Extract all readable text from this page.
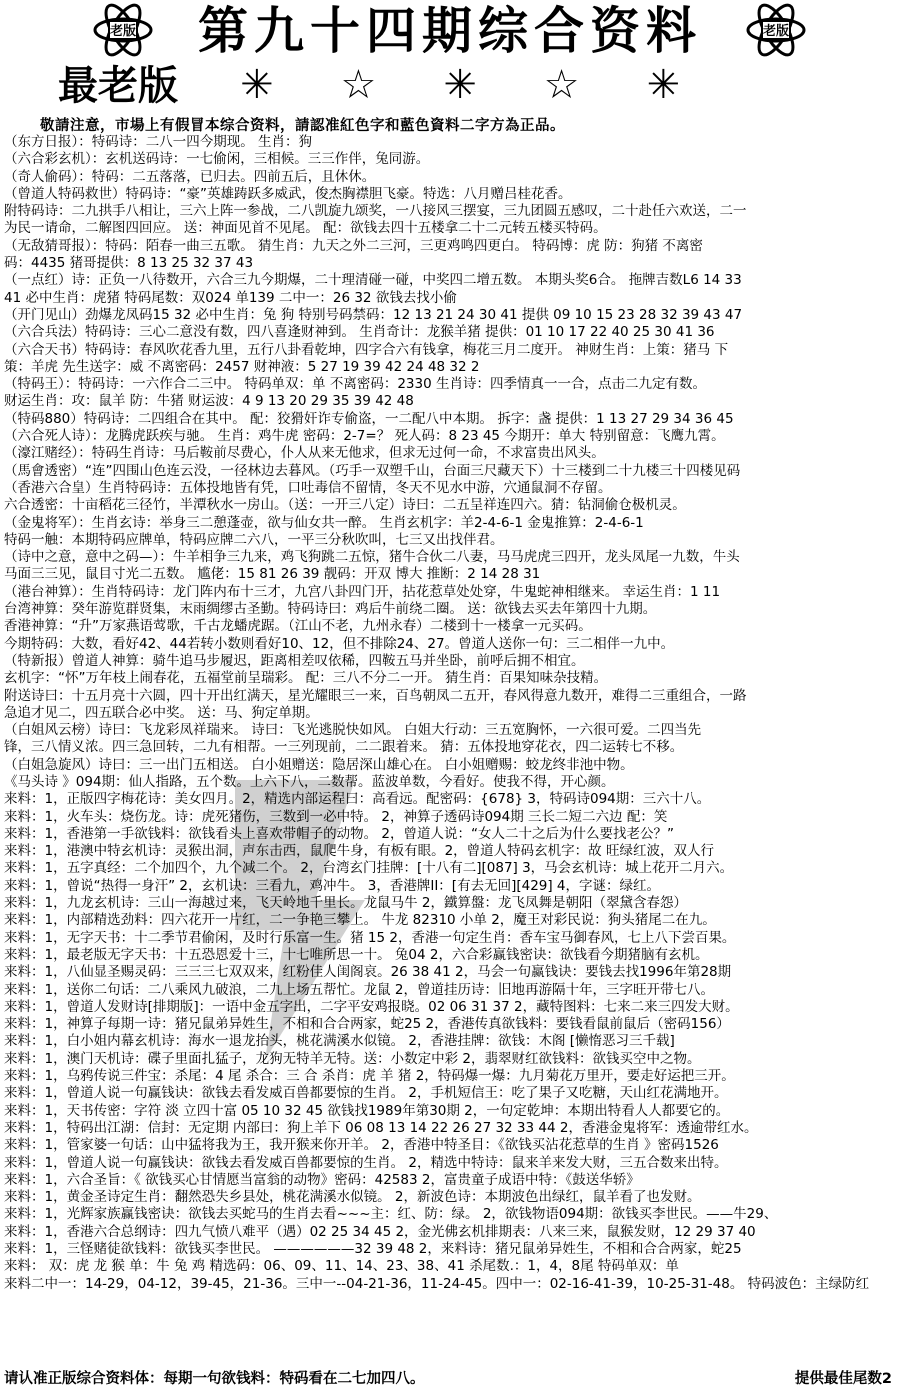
老版	第九十四期综合资料	老版
最老版 ✳ ☆ ✳ ☆ ✳
敬請注意，市場上有假冒本综合资料，請認准紅色字和藍色資料二字方為正品。
（东方日报）：特码诗：二八一四今期现。 生肖：狗
（六合彩玄机）：玄机送码诗：一七偷闲，三相候。三三作伴，兔同游。
（奇人偷码）：特码：二五落落，已归去。四前五后，且休休。
（曾道人特码救世）特码诗：“豪”英雄踌跃多威武，俊杰胸襟胆飞豪。特选：八月赠吕桂花香。
附特码诗：二九拱手八相让，三六上阵一参战，二八凯旋九颂奖，一八接风三摆宴，三九团圆五感叹，二十赴任六欢送，二一
为民一请命，二解图四回应。 送：神面见首不见尾。 配：欲钱去四十五楼拿二十二元转五楼买特码。
（无敌猜哥报）：特码：陌春一曲三五歌。 猜生肖：九天之外二三河，三更鸡鸣四更白。 特码博：虎 防：狗猪 不离密
码：4435 猪哥提供：8 13 25 32 37 43
（一点红）诗：正负一八待数开，六合三九今期爆，二十理清碰一碰，中奖四二增五数。 本期头奖6合。 拖牌吉数L6 14 33
41 必中生肖：虎猪 特码尾数：双024 单139 二中一：26 32 欲钱去找小偷
（开门见山）劲爆龙凤码15 32 必中生肖：兔 狗 特别号码禁码：12 13 21 24 30 41 提供 09 10 15 23 28 32 39 43 47
（六合兵法）特码诗：三心二意没有数，四八喜逢财神到。 生肖奇计：龙猴羊猪 提供：01 10 17 22 40 25 30 41 36
（六合天书）特码诗：春风吹花香九里，五行八卦看乾坤，四字合六有钱拿，梅花三月二度开。 神财生肖：上策：猪马 下
策：羊虎 先生送字：威 不离密码：2457 财神液：5 27 19 39 42 24 48 32 2
（特码王）：特码诗：一六作合二三中。 特码单双：单 不离密码：2330 生肖诗：四季情真一一合，点击二九定有数。
财运生肖：攻：鼠羊 防：牛猪 财运波：4 9 13 20 29 35 39 42 48
（特码880）特码诗：二四组合在其中。 配：狡猾奸诈专偷盗，一二配八中本期。 拆字：盏 提供：1 13 27 29 34 36 45
（六合死人诗）：龙腾虎跃疾与驰。 生肖：鸡牛虎 密码：2-7=？ 死人码：8 23 45 今期开：单大 特别留意：飞鹰九霄。
（濠江赌经）：特码生肖诗：马后鞍前尽费心，仆人从来无他求，但求无过何一命，不求富贵出风头。
（馬會透密）“连”四围山色连云没，一径林边去暮风。（巧手一双塑千山，台面三尺藏天下）十三楼到二十九楼三十四楼见码
（香港六合皇）生肖特码诗：五体投地皆有凭，口吐毒信不留情，冬天不见水中游，穴通鼠洞不存留。
六合透密：十亩稻花三径竹，半潭秋水一房山。（送：一开三八定）诗曰：二五呈祥连四六。猜：钻洞偷仓极机灵。
（金鬼将军）：生肖玄诗：举身三二憩蓬壶，欲与仙女共一醉。 生肖玄机字：羊2-4-6-1 金鬼推算：2-4-6-1
特码一触：本期特码应牌单，特码应牌二六八，一平三分秋吹叫，七三又出找伴君。
（诗中之意，意中之码—）：牛羊相争三九来，鸡飞狗跳二五惊，猪牛合伙二八妻，马马虎虎三四开，龙头凤尾一九数，牛头
马面三三见，鼠目寸光二五数。 尴佬：15 81 26 39 靓码：开双 博大 推断：2 14 28 31
（港台神算）：生肖特码诗：龙门阵内布十三才，九宫八卦四门开，拈花惹草处处穿，牛鬼蛇神相继来。 幸运生肖：1 11
台湾神算：癸年游览群贤集，末雨绸缪古圣勤。特码诗曰：鸡后牛前绕二圈。 送：欲钱去买去年第四十九期。
香港神算：“升”万家燕语莺歌，千古龙蟠虎踞。（江山不老，九州永春）二楼到十一楼拿一元买码。
今期特码：大数，看好42、44若转小数则看好10、12，但不排除24、27。曾道人送你一句：三二相伴一九中。
（特新报）曾道人神算：骑牛追马步履迟，距离相差叹依稀，四鞍五马并坐卧，前呼后拥不相宜。
玄机字：“怀”万年枝上闹春花，五福堂前呈瑞彩。 配：三八不分二一开。 猜生肖：百果知味杂技精。
附送诗曰：十五月亮十六圆，四十开出红满天，星光耀眼三一来，百鸟朝凤二五开，春风得意九数开，难得二三重组合，一路
急追才见二，四五联合必中奖。 送：马、狗定单期。
（白姐风云榜）诗曰：飞龙彩凤祥瑞来。 诗曰：飞光逃脱快如风。 白姐大行动：三五宽胸怀，一六很可爱。二四当先
锋，三八情义浓。四三急回转，二九有相帮。一三列现前，二二跟着来。 猜：五体投地穿花衣，四二运转七不移。
（白姐急旋风）诗曰：三一出门五相送。 白小姐赠送：隐居深山雄心在。 白小姐赠赐：蛟龙终非池中物。
《马头诗 》094期：仙人指路，五个数。上六下八，二数帮。蓝波单数，今看好。使我不得，开心颜。
来料：1，正版四字梅花诗：美女四月。2，精选内部运程曰：高看远。配密码：{678} 3，特码诗094期：三六十八。
来料：1，火车头：烧伤龙。诗：虎死猪伤，三数到一必中特。 2，神算子透码诗094期 三长二短二六边 配：笑
来料：1，香港第一手欲钱料：欲钱看头上喜欢带帽子的动物。 2，曾道人说：“女人二十之后为什么要找老公？”
来料：1，港澳中特玄机诗：灵猴出洞，声东击西，鼠爬牛身，有板有眼。2，曾道人特码玄机字：故 旺绿红波，双人行
来料：1，五字真经：二个加四个，九个减二个。 2，台湾玄门挂牌：[十八有二][087] 3，马会玄机诗：城上花开二月六。
来料：1，曾说“热得一身汗” 2，玄机诀：三看九，鸡冲牛。 3，香港牌II：[有去无回][429] 4，字谜：绿红。
来料：1，九龙玄机诗：三山一海越过来，飞天岭地千里长。龙鼠马牛 2，鐵算盤：龙飞凤舞是朝阳（翠黛含春怨）
来料：1，内部精选劲料：四六花开一片红，二一争艳三攀上。 牛龙 82310 小单 2，魔王对彩民说：狗头猪尾二在九。
来料：1，无字天书：十二季节君偷闲，及时行乐富一生。猪 15 2，香港一句定生肖：香车宝马御春风，七上八下尝百果。
来料：1，最老版无字天书：十五恐恩爱十三，十七唯所思一十。 兔04 2，六合彩赢钱密诀：欲钱看今期猪脑有玄机。
来料：1，八仙显圣赐灵码：三三三七双双来，红粉佳人闺阁哀。26 38 41 2，马会一句赢钱诀：要钱去找1996年第28期
来料：1，送你二句话：二八乘风九破浪，二九上场五帮忙。龙鼠 2，曾道挂历诗：旧地再游隔十年，三字旺开带七八。
来料：1，曾道人发财诗[排期版]：一语中金五字出，二字平安鸡报晓。02 06 31 37 2，藏特图料：七来二来三四发大财。
来料：1，神算子每期一诗：猪兄鼠弟异姓生，不相和合合两家，蛇25 2，香港传真欲钱料：要钱看鼠前鼠后（密码156）
来料：1，白小姐内幕玄机诗：海水一退龙抬头，桃花满溪水似镜。 2，香港挂牌：欲钱：木阁 [懒惰恶习三千载]
来料：1，澳门天机诗：碟子里面扎猛子，龙狗无特羊无特。送：小数定中彩 2，翡翠财红欲钱料：欲钱买空中之物。
来料：1，乌鸦传说三件宝：杀尾：4 尾 杀合：三 合 杀肖：虎 羊 猪 2，特码爆一爆：九月菊花万里开，要走好运把三开。
来料：1，曾道人说一句赢钱诀：欲钱去看发威百兽都要惊的生肖。 2，手机短信王：吃了果子又吃糖，天山红花满地开。
来料：1，天书传密：字符 淡 立四十富 05 10 32 45 欲钱找1989年第30期 2，一句定乾坤：本期出特看人人都要它的。
来料：1，特码出江湖：信封：无定期 内部曰：狗上羊下 06 08 13 14 22 26 27 32 33 44 2，香港金鬼将军：透逾带红水。
来料：1，管家婆一句话：山中猛将我为王，我开猴来你开羊。 2，香港中特圣目：《欲钱买沾花惹草的生肖 》密码1526
来料：1，曾道人说一句赢钱诀：欲钱去看发威百兽都要惊的生肖。 2，精选中特诗：鼠来羊来发大财，三五合数来出特。
来料：1，六合圣旨：《 欲钱买心甘情愿当富翁的动物》密码：42583 2，富贵童子成语中特：《鼓送华轿》
来料：1，黄金圣诗定生肖：翻然恐失乡县处，桃花满溪水似镜。 2，新波色诗：本期波色出绿红，鼠羊看了也发财。
来料：1，光辉家族赢钱密诀：欲钱去买蛇马的生肖去看~~~主：红、防：绿。 2，欲钱物语094期：欲钱买李世民。——牛29、
来料：1，香港六合总纲诗：四九气愤八难平（遇）02 25 34 45 2，金光佛玄机排期表：八来三来，鼠猴发财，12 29 37 40
来料：1，三怪赌徒欲钱料：欲钱买李世民。 ——————32 39 48 2，来料诗：猪兄鼠弟异姓生，不相和合合两家，蛇25
来料： 双：虎 龙 猴 单：牛 兔 鸡 精选码：06、09、11、14、23、38、41 杀尾数.：1，4，8尾 特码单双：单
来料二中一：14-29，04-12，39-45，21-36。三中一--04-21-36，11-24-45。四中一：02-16-41-39，10-25-31-48。 特码波色：主绿防红
请认准正版综合资料体：每期一句欲钱料：特码看在二七加四八。	提供最佳尾数2
